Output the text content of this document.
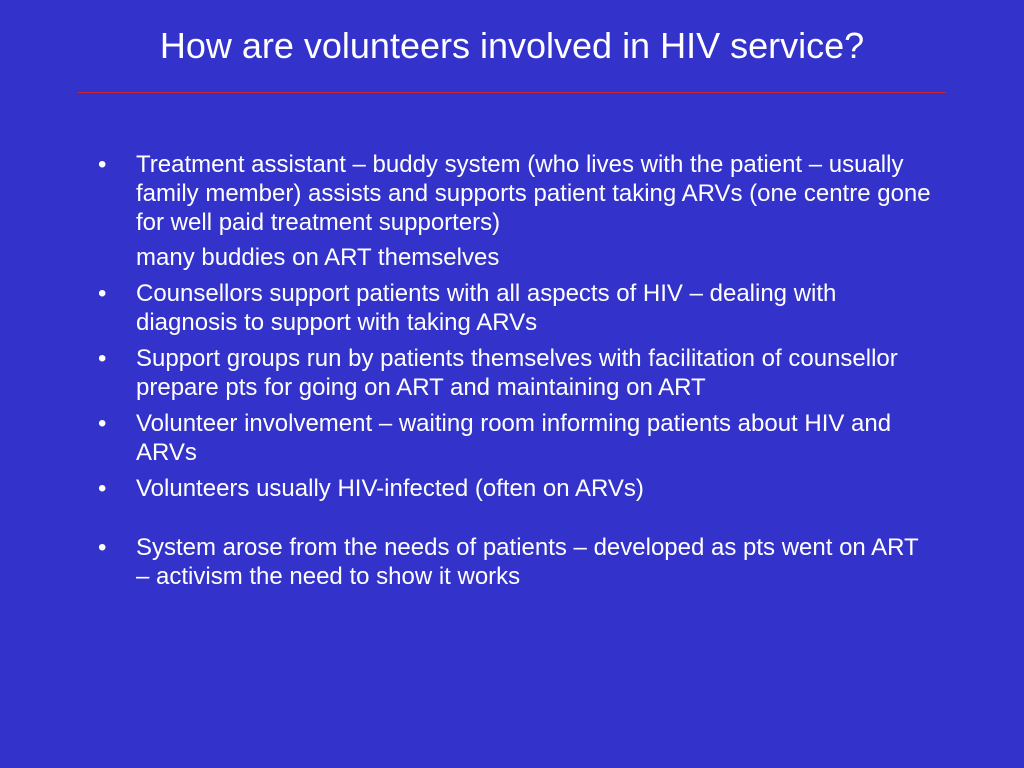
How are volunteers involved in HIV service?
•	Treatment assistant – buddy system (who lives with the patient – usually family member) assists and supports patient taking ARVs (one centre gone for well paid treatment supporters)
many buddies on ART themselves
•	Counsellors support patients with all aspects of HIV – dealing with diagnosis to support with taking ARVs
•	Support groups run by patients themselves with facilitation of counsellor prepare pts for going on ART and maintaining on ART
•	Volunteer involvement – waiting room informing patients about HIV and ARVs
•	Volunteers usually HIV-infected (often on ARVs)
•	System arose from the needs of patients – developed as pts went on ART – activism the need to show it works
